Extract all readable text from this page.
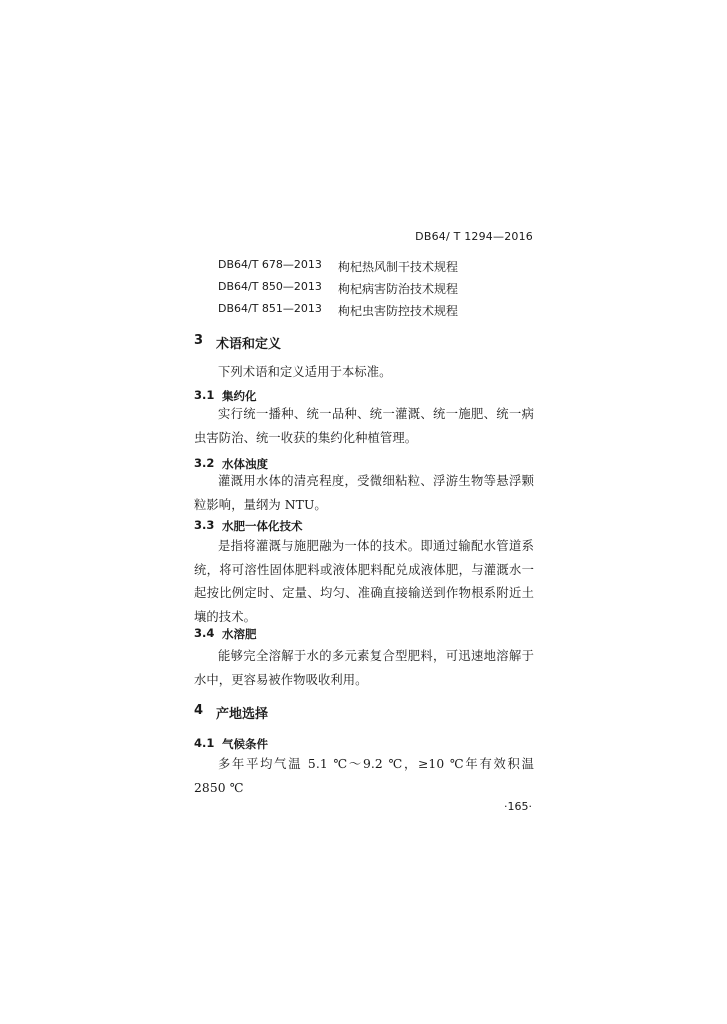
DB64/ T 1294—2016
DB64/T 678—2013 枸杞热风制干技术规程
DB64/T 850—2013 枸杞病害防治技术规程
DB64/T 851—2013 枸杞虫害防控技术规程
3 术语和定义
下列术语和定义适用于本标准。
3.1 集约化
实行统一播种、统一品种、统一灌溉、统一施肥、统一病虫害防治、统一收获的集约化种植管理。
3.2 水体浊度
灌溉用水体的清亮程度，受微细粘粒、浮游生物等悬浮颗粒影响，量纲为 NTU。
3.3 水肥一体化技术
是指将灌溉与施肥融为一体的技术。即通过输配水管道系统，将可溶性固体肥料或液体肥料配兑成液体肥，与灌溉水一起按比例定时、定量、均匀、准确直接输送到作物根系附近土壤的技术。
3.4 水溶肥
能够完全溶解于水的多元素复合型肥料，可迅速地溶解于水中，更容易被作物吸收利用。
4 产地选择
4.1 气候条件
多年平均气温 5.1 ℃～9.2 ℃，≥10 ℃年有效积温 2850 ℃
·165·
